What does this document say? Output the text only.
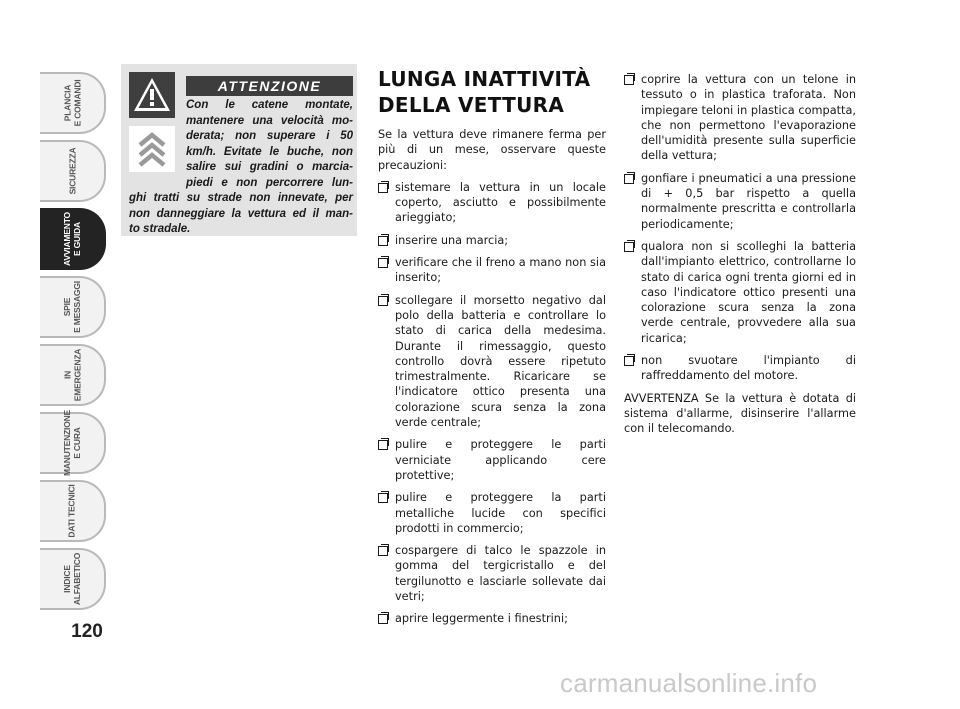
PLANCIA
E COMANDI
SICUREZZA
AVVIAMENTO
E GUIDA
SPIE
E MESSAGGI
IN
EMERGENZA
MANUTENZIONE
E CURA
DATI TECNICI
INDICE
ALFABETICO
120
ATTENZIONE

Con le catene montate,
mantenere una velocità mo-
derata; non superare i 50
km/h. Evitate le buche, non
salire sui gradini o marcia-
piedi e non percorrere lun-
ghi tratti su strade non innevate, per
non danneggiare la vettura ed il man-
to stradale.

LUNGA INATTIVITÀ
DELLA VETTURA

Se la vettura deve rimanere ferma per più di un mese, osservare queste precauzioni:

sistemare la vettura in un locale coperto, asciutto e possibilmente arieggiato;
inserire una marcia;
verificare che il freno a mano non sia inserito;
scollegare il morsetto negativo dal polo della batteria e controllare lo stato di carica della medesima. Durante il rimessaggio, questo controllo dovrà essere ripetuto trimestralmente. Ricaricare se l'indicatore ottico presenta una colorazione scura senza la zona verde centrale;
pulire e proteggere le parti verniciate applicando cere protettive;
pulire e proteggere la parti metalliche lucide con specifici prodotti in commercio;
cospargere di talco le spazzole in gomma del tergicristallo e del tergilunotto e lasciarle sollevate dai vetri;
aprire leggermente i finestrini;
coprire la vettura con un telone in tessuto o in plastica traforata. Non impiegare teloni in plastica compatta, che non permettono l'evaporazione dell'umidità presente sulla superficie della vettura;
gonfiare i pneumatici a una pressione di + 0,5 bar rispetto a quella normalmente prescritta e controllarla periodicamente;
qualora non si scolleghi la batteria dall'impianto elettrico, controllarne lo stato di carica ogni trenta giorni ed in caso l'indicatore ottico presenti una colorazione scura senza la zona verde centrale, provvedere alla sua ricarica;
non svuotare l'impianto di raffreddamento del motore.

AVVERTENZA Se la vettura è dotata di sistema d'allarme, disinserire l'allarme con il telecomando.

carmanualsonline.info
